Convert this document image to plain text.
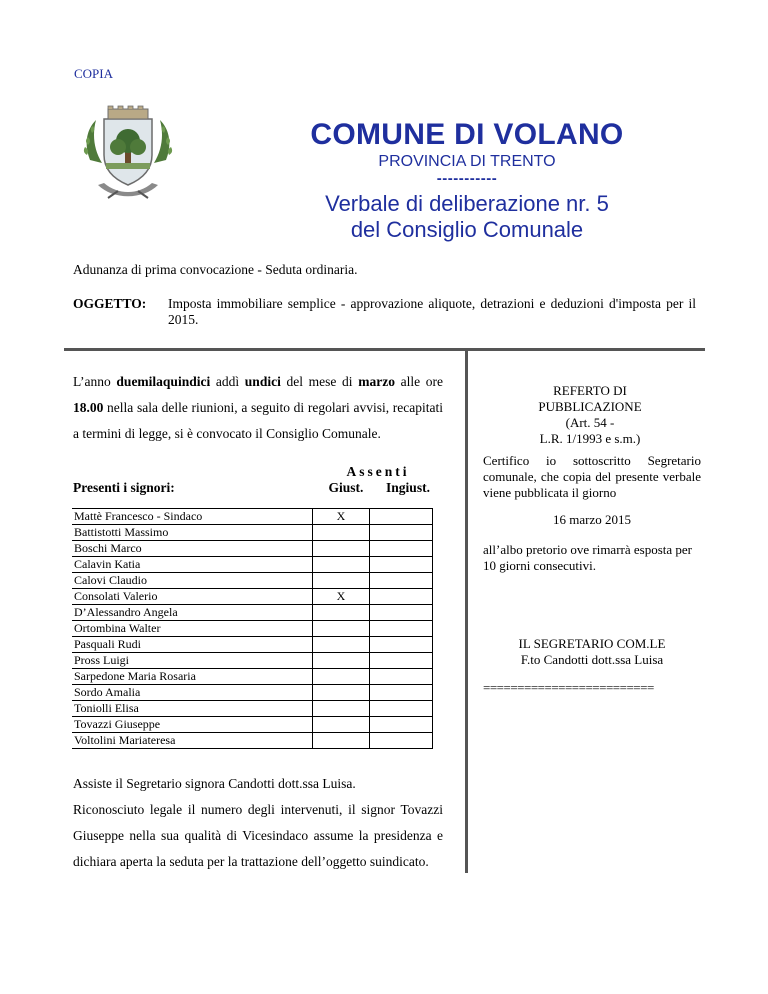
COPIA
COMUNE DI VOLANO
PROVINCIA DI TRENTO
-----------
Verbale di deliberazione nr. 5
del Consiglio Comunale
Adunanza di prima convocazione - Seduta ordinaria.
OGGETTO: Imposta immobiliare semplice - approvazione aliquote, detrazioni e deduzioni d'imposta per il 2015.
L’anno duemilaquindici addì undici del mese di marzo alle ore 18.00 nella sala delle riunioni, a seguito di regolari avvisi, recapitati a termini di legge, si è convocato il Consiglio Comunale.
Presenti i signori:
Assenti
Giust.	Ingiust.
Mattè Francesco - Sindaco	X	
Battistotti Massimo		
Boschi Marco		
Calavin Katia		
Calovi Claudio		
Consolati Valerio	X	
D’Alessandro Angela		
Ortombina Walter		
Pasquali Rudi		
Pross Luigi		
Sarpedone Maria Rosaria		
Sordo Amalia		
Toniolli Elisa		
Tovazzi Giuseppe		
Voltolini Mariateresa		
Assiste il Segretario signora Candotti dott.ssa Luisa.
Riconosciuto legale il numero degli intervenuti, il signor Tovazzi Giuseppe nella sua qualità di Vicesindaco assume la presidenza e dichiara aperta la seduta per la trattazione dell’oggetto suindicato.
REFERTO DI
PUBBLICAZIONE
(Art. 54 -
L.R. 1/1993 e s.m.)
Certifico io sottoscritto Segretario comunale, che copia del presente verbale viene pubblicata il giorno
16 marzo 2015
all’albo pretorio ove rimarrà esposta per 10 giorni consecutivi.
IL SEGRETARIO COM.LE
F.to Candotti dott.ssa Luisa
=========================
